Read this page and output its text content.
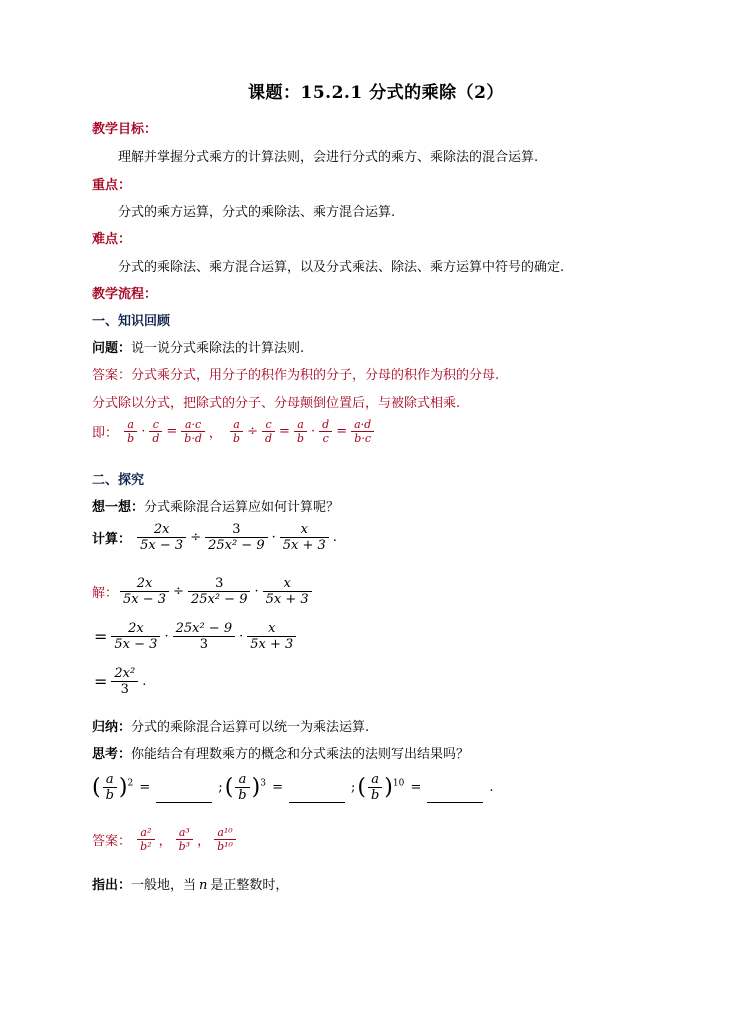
课题：15.2.1 分式的乘除（2）
教学目标：
理解并掌握分式乘方的计算法则，会进行分式的乘方、乘除法的混合运算.
重点：
分式的乘方运算，分式的乘除法、乘方混合运算.
难点：
分式的乘除法、乘方混合运算，以及分式乘法、除法、乘方运算中符号的确定.
教学流程：
一、知识回顾
问题：说一说分式乘除法的计算法则.
答案：分式乘分式，用分子的积作为积的分子，分母的积作为积的分母.
分式除以分式，把除式的分子、分母颠倒位置后，与被除式相乘.
即： $\frac{a}{b} \cdot \frac{c}{d} = \frac{a\cdot c}{b\cdot d}$ ， $\frac{a}{b} \div \frac{c}{d} = \frac{a}{b} \cdot \frac{d}{c} = \frac{a\cdot d}{b\cdot c}$
二、探究
想一想：分式乘除混合运算应如何计算呢？
计算： $\frac{2x}{5x - 3} \div \frac{3}{\text{25x² − 9}} \cdot \frac{x}{5x + 3}$ .
解： $\frac{2x}{5x - 3} \div \frac{3}{\text{25x² − 9}} \cdot \frac{x}{5x + 3}$
= $\frac{2x}{5x - 3} \cdot \frac{\text{25x² − 9}}{3} \cdot \frac{x}{5x + 3}$
= $\frac{\text{2x²}}{3}$ .
归纳：分式的乘除混合运算可以统一为乘法运算.
思考：你能结合有理数乘方的概念和分式乘法的法则写出结果吗？
( $\frac{a}{b} )^2$ =	;( $\frac{a}{b} )^3$ =	;( $\frac{a}{b} )^{10}$ =	.
答案： $\frac{\text{a²}}{\text{b²}}$ ， $\frac{\text{a³}}{\text{b³}}$ ， $\frac{\text{a¹⁰}}{\text{b¹⁰}}$
指出：一般地，当 n 是正整数时，
